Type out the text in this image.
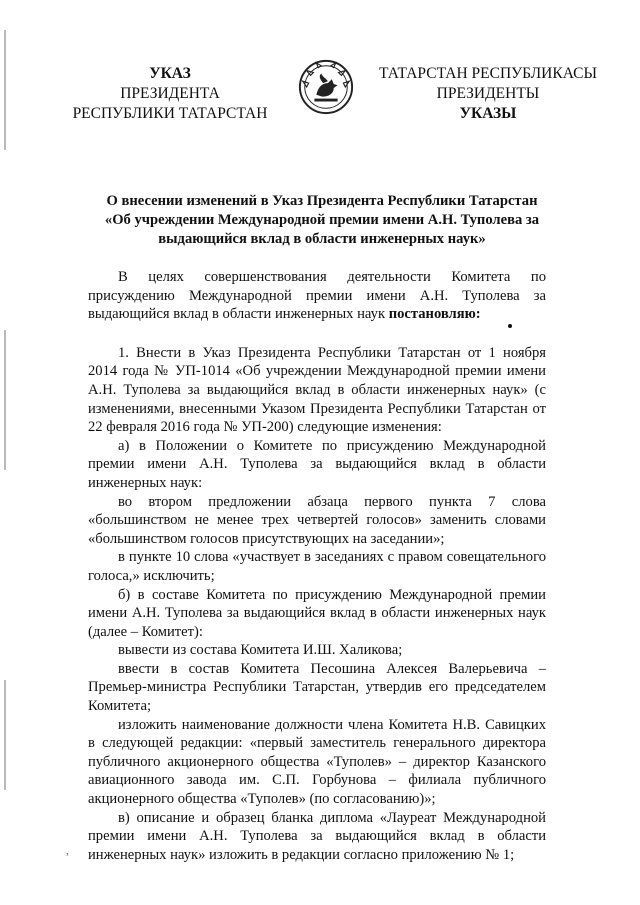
УКАЗ
ПРЕЗИДЕНТА
РЕСПУБЛИКИ ТАТАРСТАН
ТАТАРСТАН РЕСПУБЛИКАСЫ
ПРЕЗИДЕНТЫ
УКАЗЫ
О внесении изменений в Указ Президента Республики Татарстан
«Об учреждении Международной премии имени А.Н. Туполева за
выдающийся вклад в области инженерных наук»

В целях совершенствования деятельности Комитета по присуждению Международной премии имени А.Н. Туполева за выдающийся вклад в области инженерных наук постановляю:

1. Внести в Указ Президента Республики Татарстан от 1 ноября 2014 года № УП-1014 «Об учреждении Международной премии имени А.Н. Туполева за выдающийся вклад в области инженерных наук» (с изменениями, внесенными Указом Президента Республики Татарстан от 22 февраля 2016 года № УП-200) следующие изменения:

а) в Положении о Комитете по присуждению Международной премии имени А.Н. Туполева за выдающийся вклад в области инженерных наук:

во втором предложении абзаца первого пункта 7 слова «большинством не менее трех четвертей голосов» заменить словами «большинством голосов присутствующих на заседании»;

в пункте 10 слова «участвует в заседаниях с правом совещательного голоса,» исключить;

б) в составе Комитета по присуждению Международной премии имени А.Н. Туполева за выдающийся вклад в области инженерных наук (далее – Комитет):

вывести из состава Комитета И.Ш. Халикова;

ввести в состав Комитета Песошина Алексея Валерьевича – Премьер-министра Республики Татарстан, утвердив его председателем Комитета;

изложить наименование должности члена Комитета Н.В. Савицких в следующей редакции: «первый заместитель генерального директора публичного акционерного общества «Туполев» – директор Казанского авиационного завода им. С.П. Горбунова – филиала публичного акционерного общества «Туполев» (по согласованию)»;

в) описание и образец бланка диплома «Лауреат Международной премии имени А.Н. Туполева за выдающийся вклад в области инженерных наук» изложить в редакции согласно приложению № 1;

,
